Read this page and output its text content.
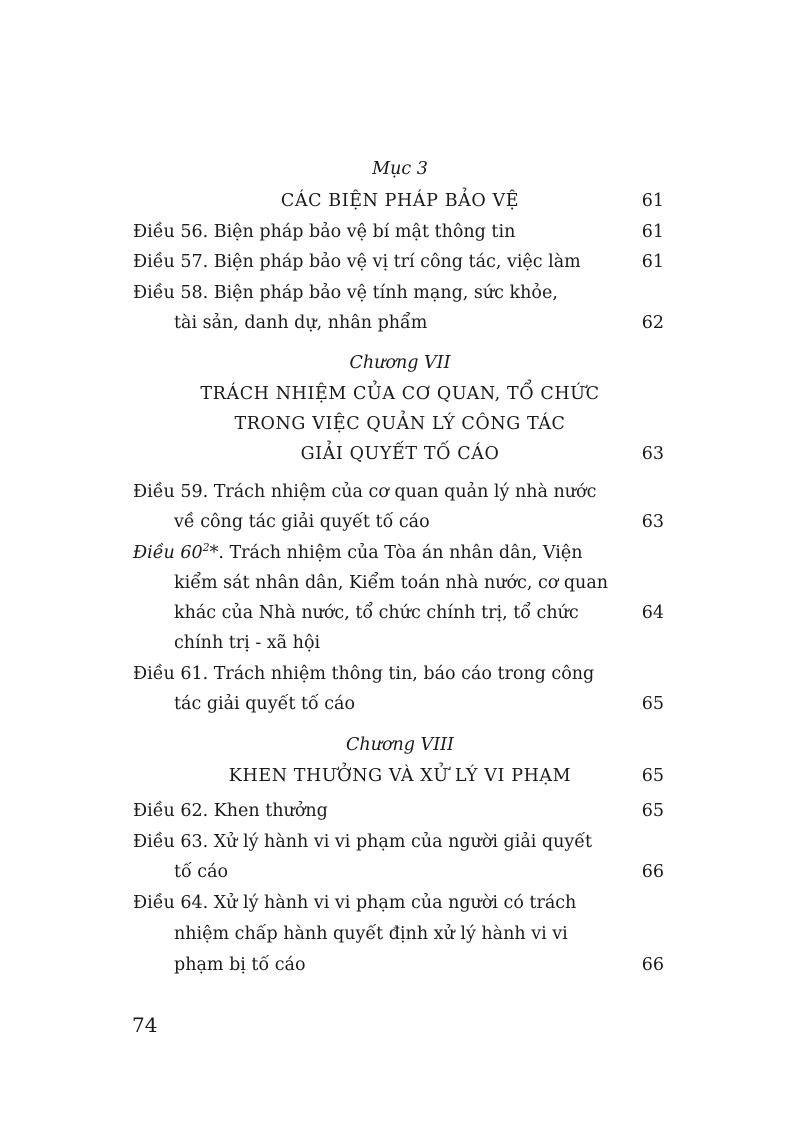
Mục 3
CÁC BIỆN PHÁP BẢO VỆ	61
Điều 56. Biện pháp bảo vệ bí mật thông tin	61
Điều 57. Biện pháp bảo vệ vị trí công tác, việc làm	61
Điều 58. Biện pháp bảo vệ tính mạng, sức khỏe,
tài sản, danh dự, nhân phẩm	62
Chương VII
TRÁCH NHIỆM CỦA CƠ QUAN, TỔ CHỨC
TRONG VIỆC QUẢN LÝ CÔNG TÁC
GIẢI QUYẾT TỐ CÁO	63
Điều 59. Trách nhiệm của cơ quan quản lý nhà nước
về công tác giải quyết tố cáo	63
Điều $60^2*$. Trách nhiệm của Tòa án nhân dân, Viện
kiểm sát nhân dân, Kiểm toán nhà nước, cơ quan
khác của Nhà nước, tổ chức chính trị, tổ chức	64
chính trị - xã hội
Điều 61. Trách nhiệm thông tin, báo cáo trong công
tác giải quyết tố cáo	65
Chương VIII
KHEN THƯỞNG VÀ XỬ LÝ VI PHẠM	65
Điều 62. Khen thưởng	65
Điều 63. Xử lý hành vi vi phạm của người giải quyết
tố cáo	66
Điều 64. Xử lý hành vi vi phạm của người có trách
nhiệm chấp hành quyết định xử lý hành vi vi
phạm bị tố cáo	66
74
